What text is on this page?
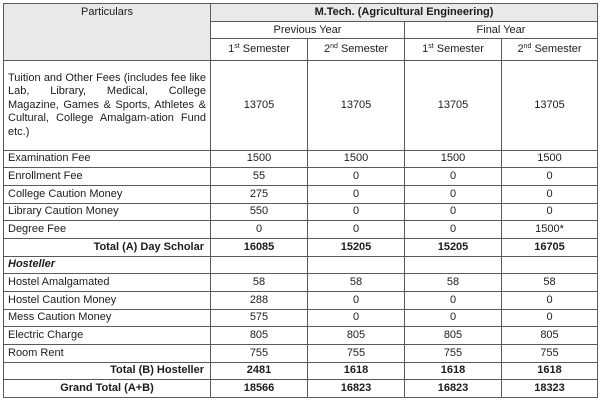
Particulars	M.Tech. (Agricultural Engineering)			
	Previous Year		Final Year	
	1st Semester	2nd Semester	1st Semester	2nd Semester
Tuition and Other Fees (includes fee like Lab, Library, Medical, College Magazine, Games & Sports, Athletes & Cultural, College Amalgam-ation Fund etc.)	13705	13705	13705	13705
Examination Fee	1500	1500	1500	1500
Enrollment Fee	55	0	0	0
College Caution Money	275	0	0	0
Library Caution Money	550	0	0	0
Degree Fee	0	0	0	1500*
Total (A) Day Scholar	16085	15205	15205	16705
Hosteller				
Hostel Amalgamated	58	58	58	58
Hostel Caution Money	288	0	0	0
Mess Caution Money	575	0	0	0
Electric Charge	805	805	805	805
Room Rent	755	755	755	755
Total (B) Hosteller	2481	1618	1618	1618
Grand Total (A+B)	18566	16823	16823	18323
